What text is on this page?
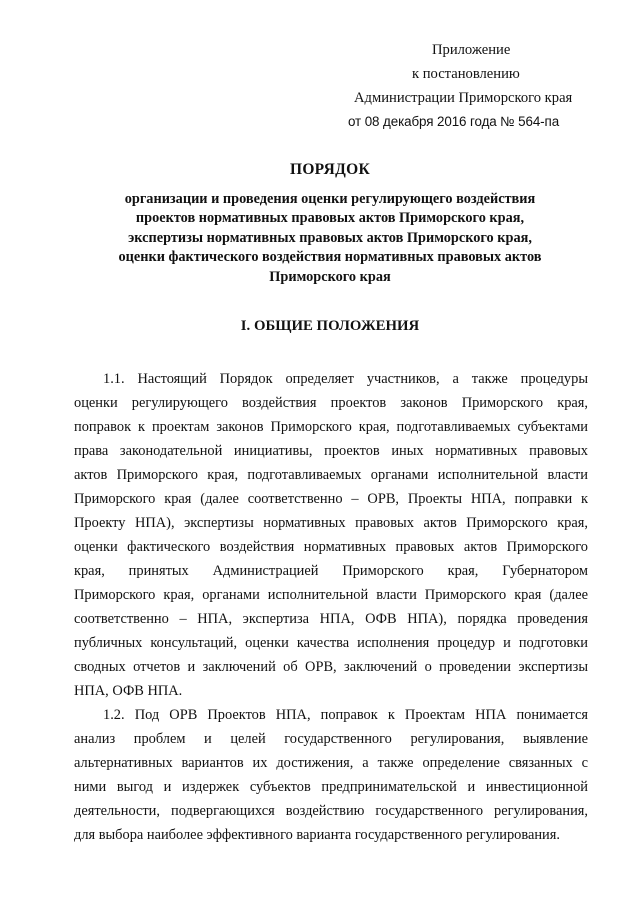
Приложение
к постановлению
Администрации Приморского края
от 08 декабря 2016 года № 564-па
ПОРЯДОК
организации и проведения оценки регулирующего воздействия
проектов нормативных правовых актов Приморского края,
экспертизы нормативных правовых актов Приморского края,
оценки фактического воздействия нормативных правовых актов
Приморского края
I. ОБЩИЕ ПОЛОЖЕНИЯ
1.1. Настоящий Порядок определяет участников, а также процедуры
оценки регулирующего воздействия проектов законов Приморского края,
поправок к проектам законов Приморского края, подготавливаемых субъектами
права законодательной инициативы, проектов иных нормативных правовых
актов Приморского края, подготавливаемых органами исполнительной власти
Приморского края (далее соответственно – ОРВ, Проекты НПА, поправки к
Проекту НПА), экспертизы нормативных правовых актов Приморского края,
оценки фактического воздействия нормативных правовых актов Приморского
края, принятых Администрацией Приморского края, Губернатором
Приморского края, органами исполнительной власти Приморского края (далее
соответственно – НПА, экспертиза НПА, ОФВ НПА), порядка проведения
публичных консультаций, оценки качества исполнения процедур и подготовки
сводных отчетов и заключений об ОРВ, заключений о проведении экспертизы
НПА, ОФВ НПА.
1.2. Под ОРВ Проектов НПА, поправок к Проектам НПА понимается
анализ проблем и целей государственного регулирования, выявление
альтернативных вариантов их достижения, а также определение связанных с
ними выгод и издержек субъектов предпринимательской и инвестиционной
деятельности, подвергающихся воздействию государственного регулирования,
для выбора наиболее эффективного варианта государственного регулирования.
